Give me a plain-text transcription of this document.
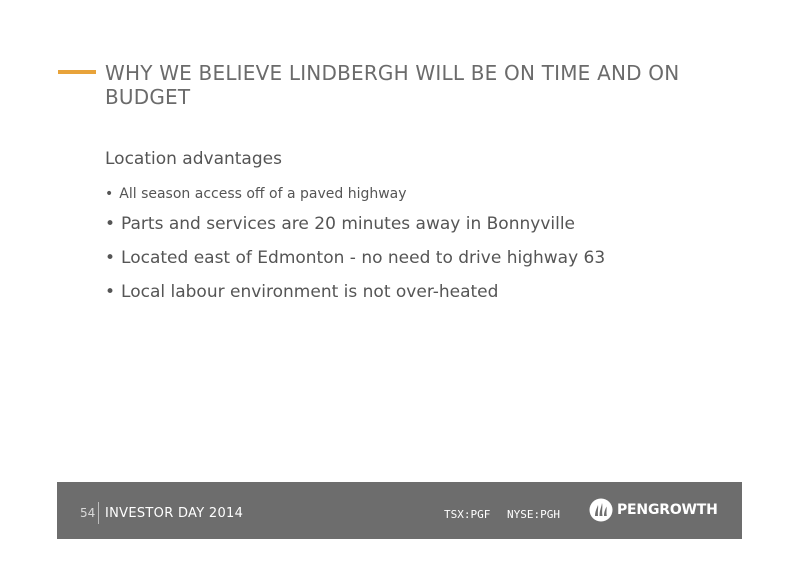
WHY WE BELIEVE LINDBERGH WILL BE ON TIME AND ON BUDGET
Location advantages
• All season access off of a paved highway
• Parts and services are 20 minutes away in Bonnyville
• Located east of Edmonton - no need to drive highway 63
• Local labour environment is not over-heated
54 INVESTOR DAY 2014	TSX:PGF NYSE:PGH	PENGROWTH
